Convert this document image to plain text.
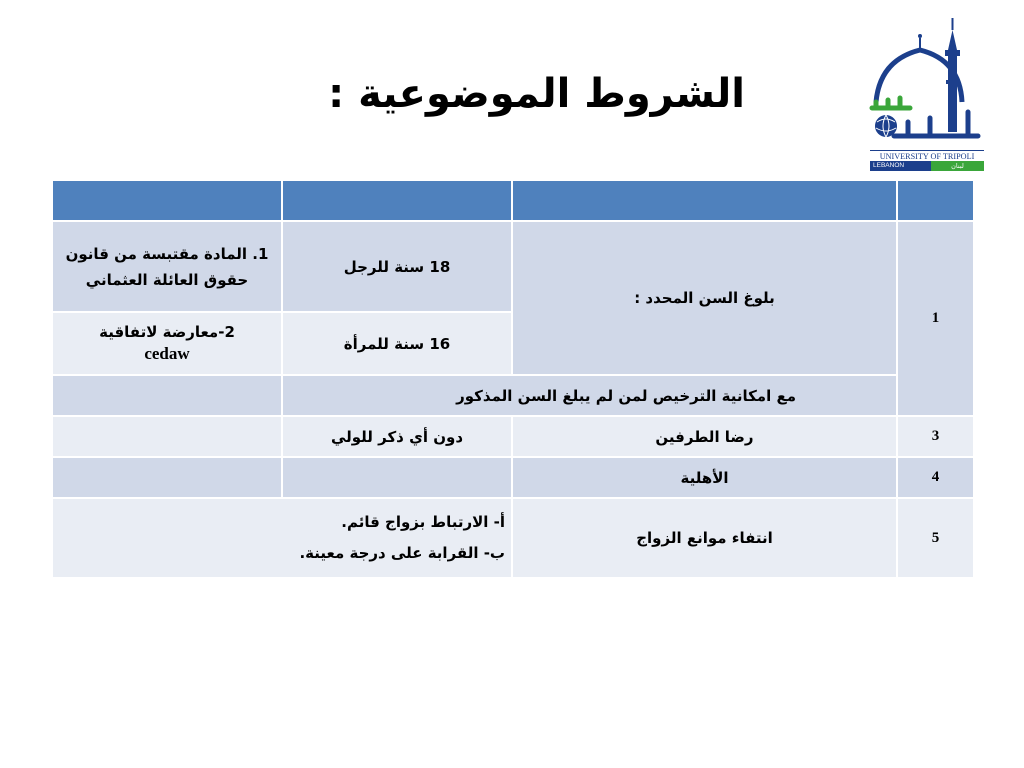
الشروط الموضوعية :
UNIVERSITY OF TRIPOLI
LEBANON	لبنان

1. المادة مقتبسة من قانون حقوق العائلة العثماني	18 سنة للرجل	بلوغ السن المحدد :	1

2-معارضة لاتفاقية
cedaw	16 سنة للمرأة		
	مع امكانية الترخيص لمن لم يبلغ السن المذكور		
	دون أي ذكر للولي	رضا الطرفين	3
		الأهلية	4

أ- الارتباط بزواج قائم.
ب- القرابة على درجة معينة.		انتفاء موانع الزواج	5
